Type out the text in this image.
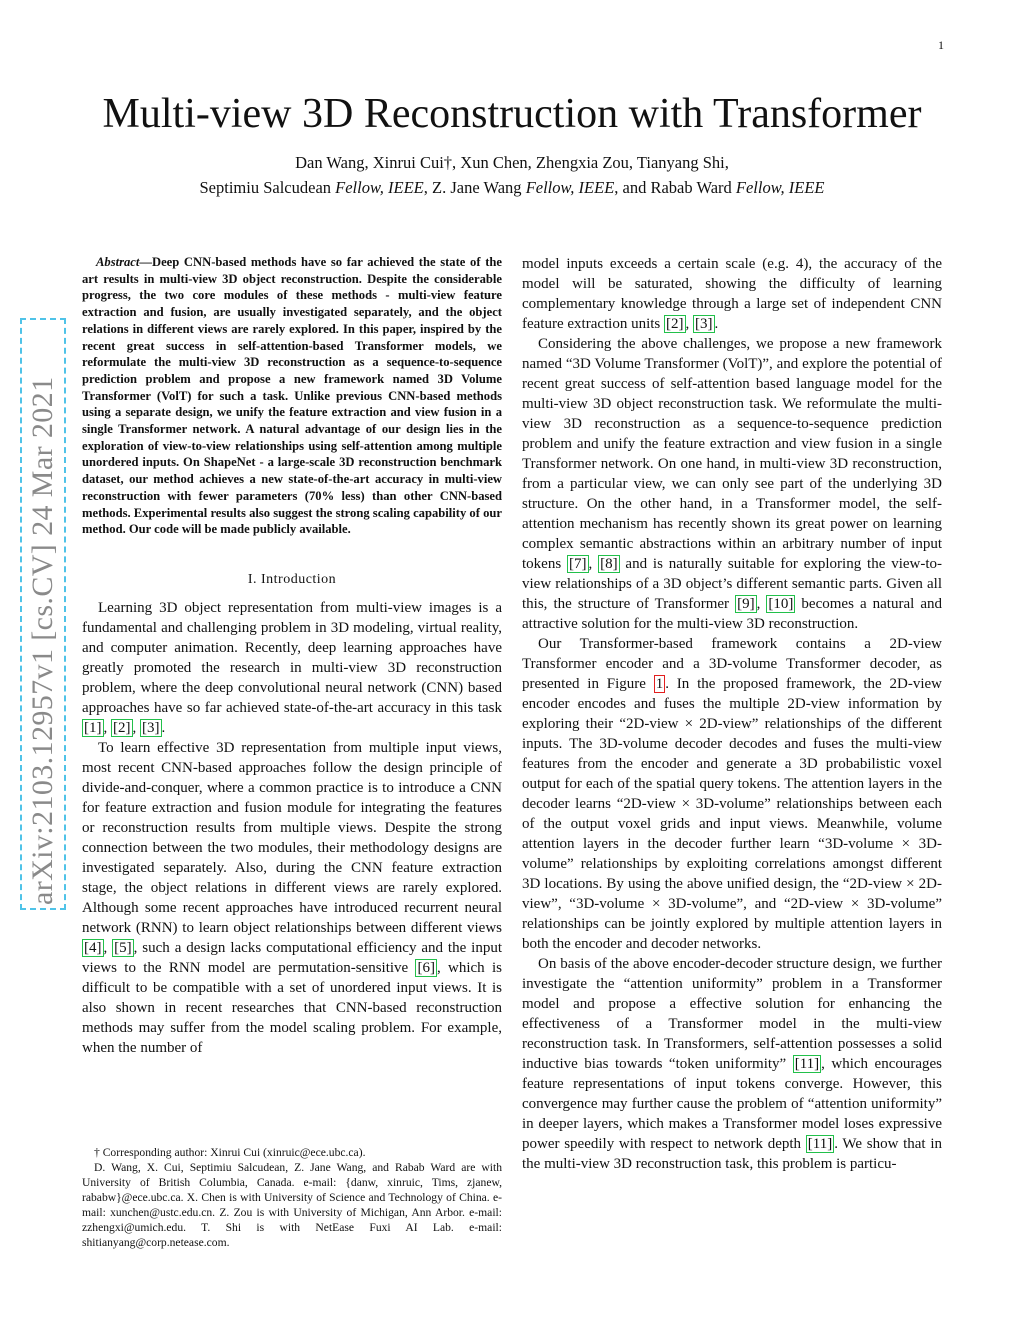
1
arXiv:2103.12957v1 [cs.CV] 24 Mar 2021
Multi-view 3D Reconstruction with Transformer
Dan Wang, Xinrui Cui†, Xun Chen, Zhengxia Zou, Tianyang Shi,
Septimiu Salcudean Fellow, IEEE, Z. Jane Wang Fellow, IEEE, and Rabab Ward Fellow, IEEE

Abstract—Deep CNN-based methods have so far achieved the state of the art results in multi-view 3D object reconstruction. Despite the considerable progress, the two core modules of these methods - multi-view feature extraction and fusion, are usually investigated separately, and the object relations in different views are rarely explored. In this paper, inspired by the recent great success in self-attention-based Transformer models, we reformulate the multi-view 3D reconstruction as a sequence-to-sequence prediction problem and propose a new framework named 3D Volume Transformer (VolT) for such a task. Unlike previous CNN-based methods using a separate design, we unify the feature extraction and view fusion in a single Transformer network. A natural advantage of our design lies in the exploration of view-to-view relationships using self-attention among multiple unordered inputs. On ShapeNet - a large-scale 3D reconstruction benchmark dataset, our method achieves a new state-of-the-art accuracy in multi-view reconstruction with fewer parameters (70% less) than other CNN-based methods. Experimental results also suggest the strong scaling capability of our method. Our code will be made publicly available.

I. Introduction

Learning 3D object representation from multi-view images is a fundamental and challenging problem in 3D modeling, virtual reality, and computer animation. Recently, deep learning approaches have greatly promoted the research in multi-view 3D reconstruction problem, where the deep convolutional neural network (CNN) based approaches have so far achieved state-of-the-art accuracy in this task [1] , [2] , [3] .

To learn effective 3D representation from multiple input views, most recent CNN-based approaches follow the design principle of divide-and-conquer, where a common practice is to introduce a CNN for feature extraction and fusion module for integrating the features or reconstruction results from multiple views. Despite the strong connection between the two modules, their methodology designs are investigated separately. Also, during the CNN feature extraction stage, the object relations in different views are rarely explored. Although some recent approaches have introduced recurrent neural network (RNN) to learn object relationships between different views [4] , [5] , such a design lacks computational efficiency and the input views to the RNN model are permutation-sensitive [6] , which is difficult to be compatible with a set of unordered input views. It is also shown in recent researches that CNN-based reconstruction methods may suffer from the model scaling problem. For example, when the number of

model inputs exceeds a certain scale (e.g. 4), the accuracy of the model will be saturated, showing the difficulty of learning complementary knowledge through a large set of independent CNN feature extraction units [2] , [3] .

Considering the above challenges, we propose a new framework named “3D Volume Transformer (VolT)”, and explore the potential of recent great success of self-attention based language model for the multi-view 3D object reconstruction task. We reformulate the multi-view 3D reconstruction as a sequence-to-sequence prediction problem and unify the feature extraction and view fusion in a single Transformer network. On one hand, in multi-view 3D reconstruction, from a particular view, we can only see part of the underlying 3D structure. On the other hand, in a Transformer model, the self-attention mechanism has recently shown its great power on learning complex semantic abstractions within an arbitrary number of input tokens [7] , [8] and is naturally suitable for exploring the view-to-view relationships of a 3D object’s different semantic parts. Given all this, the structure of Transformer [9] , [10] becomes a natural and attractive solution for the multi-view 3D reconstruction.

Our Transformer-based framework contains a 2D-view Transformer encoder and a 3D-volume Transformer decoder, as presented in Figure 1 . In the proposed framework, the 2D-view encoder encodes and fuses the multiple 2D-view information by exploring their “2D-view × 2D-view” relationships of the different inputs. The 3D-volume decoder decodes and fuses the multi-view features from the encoder and generate a 3D probabilistic voxel output for each of the spatial query tokens. The attention layers in the decoder learns “2D-view × 3D-volume” relationships between each of the output voxel grids and input views. Meanwhile, volume attention layers in the decoder further learn “3D-volume × 3D-volume” relationships by exploiting correlations amongst different 3D locations. By using the above unified design, the “2D-view × 2D-view”, “3D-volume × 3D-volume”, and “2D-view × 3D-volume” relationships can be jointly explored by multiple attention layers in both the encoder and decoder networks.

On basis of the above encoder-decoder structure design, we further investigate the “attention uniformity” problem in a Transformer model and propose a effective solution for enhancing the effectiveness of a Transformer model in the multi-view reconstruction task. In Transformers, self-attention possesses a solid inductive bias towards “token uniformity” [11] , which encourages feature representations of input tokens converge. However, this convergence may further cause the problem of “attention uniformity” in deeper layers, which makes a Transformer model loses expressive power speedily with respect to network depth [11] . We show that in the multi-view 3D reconstruction task, this problem is particu-

† Corresponding author: Xinrui Cui (xinruic@ece.ubc.ca).

D. Wang, X. Cui, Septimiu Salcudean, Z. Jane Wang, and Rabab Ward are with University of British Columbia, Canada. e-mail: {danw, xinruic, Tims, zjanew, rababw}@ece.ubc.ca. X. Chen is with University of Science and Technology of China. e-mail: xunchen@ustc.edu.cn. Z. Zou is with University of Michigan, Ann Arbor. e-mail: zzhengxi@umich.edu. T. Shi is with NetEase Fuxi AI Lab. e-mail: shitianyang@corp.netease.com.
